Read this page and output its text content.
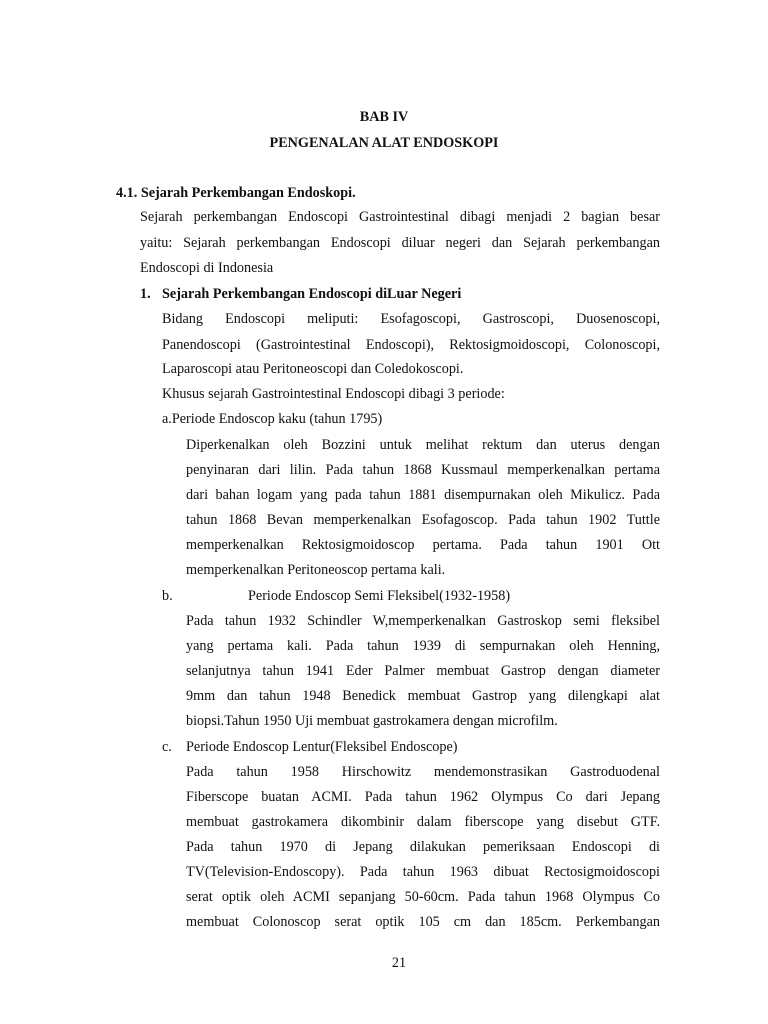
BAB IV
PENGENALAN ALAT ENDOSKOPI
4.1. Sejarah Perkembangan Endoskopi.
Sejarah perkembangan Endoscopi Gastrointestinal dibagi menjadi 2 bagian besar
yaitu: Sejarah perkembangan Endoscopi diluar negeri dan Sejarah perkembangan
Endoscopi di Indonesia
1. Sejarah Perkembangan Endoscopi diLuar Negeri
Bidang Endoscopi meliputi: Esofagoscopi, Gastroscopi, Duosenoscopi,
Panendoscopi (Gastrointestinal Endoscopi), Rektosigmoidoscopi, Colonoscopi,
Laparoscopi atau Peritoneoscopi dan Coledokoscopi.
Khusus sejarah Gastrointestinal Endoscopi dibagi 3 periode:
a.Periode Endoscop kaku (tahun 1795)
Diperkenalkan oleh Bozzini untuk melihat rektum dan uterus dengan
penyinaran dari lilin. Pada tahun 1868 Kussmaul memperkenalkan pertama
dari bahan logam yang pada tahun 1881 disempurnakan oleh Mikulicz. Pada
tahun 1868 Bevan memperkenalkan Esofagoscop. Pada tahun 1902 Tuttle
memperkenalkan Rektosigmoidoscop pertama. Pada tahun 1901 Ott
memperkenalkan Peritoneoscop pertama kali.
b.	Periode Endoscop Semi Fleksibel(1932-1958)
Pada tahun 1932 Schindler W,memperkenalkan Gastroskop semi fleksibel
yang pertama kali. Pada tahun 1939 di sempurnakan oleh Henning,
selanjutnya tahun 1941 Eder Palmer membuat Gastrop dengan diameter
9mm dan tahun 1948 Benedick membuat Gastrop yang dilengkapi alat
biopsi.Tahun 1950 Uji membuat gastrokamera dengan microfilm.
c. Periode Endoscop Lentur(Fleksibel Endoscope)
Pada tahun 1958 Hirschowitz mendemonstrasikan Gastroduodenal
Fiberscope buatan ACMI. Pada tahun 1962 Olympus Co dari Jepang
membuat gastrokamera dikombinir dalam fiberscope yang disebut GTF.
Pada tahun 1970 di Jepang dilakukan pemeriksaan Endoscopi di
TV(Television-Endoscopy). Pada tahun 1963 dibuat Rectosigmoidoscopi
serat optik oleh ACMI sepanjang 50-60cm. Pada tahun 1968 Olympus Co
membuat Colonoscop serat optik 105 cm dan 185cm. Perkembangan
21
